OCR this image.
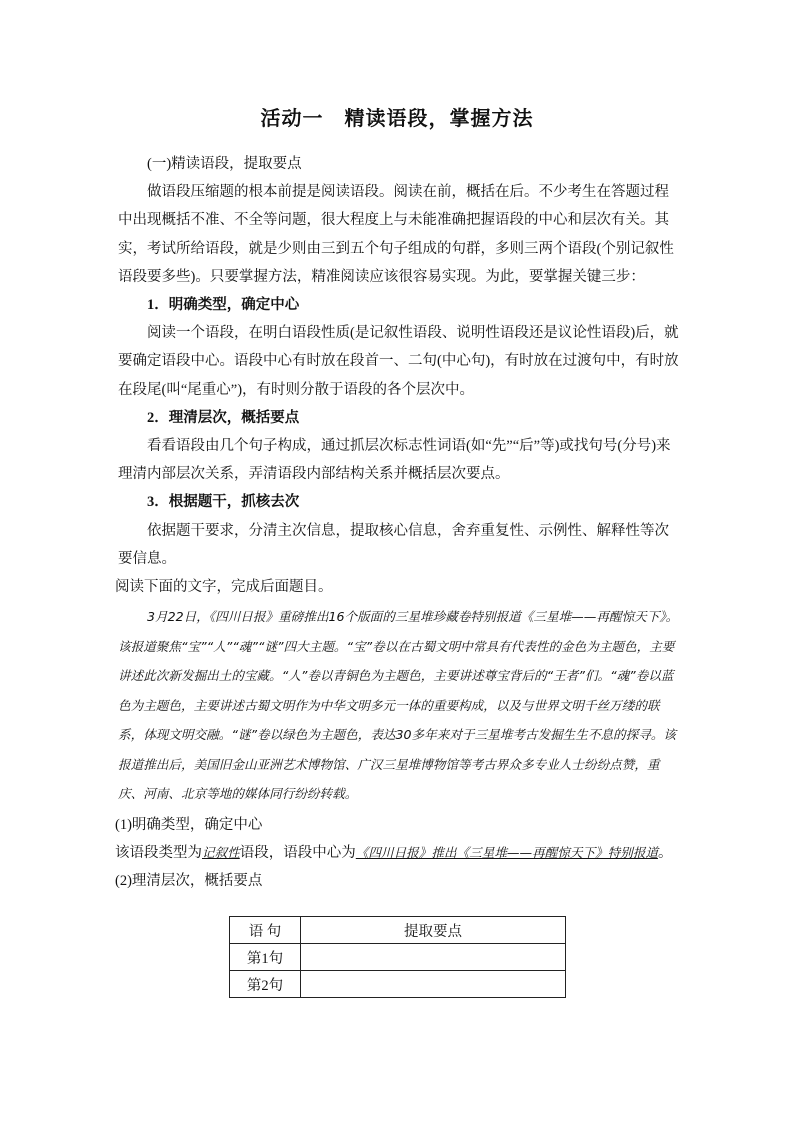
活动一　精读语段，掌握方法

(一)精读语段，提取要点

做语段压缩题的根本前提是阅读语段。阅读在前，概括在后。不少考生在答题过程中出现概括不准、不全等问题，很大程度上与未能准确把握语段的中心和层次有关。其实，考试所给语段，就是少则由三到五个句子组成的句群，多则三两个语段(个别记叙性语段要多些)。只要掌握方法，精准阅读应该很容易实现。为此，要掌握关键三步：

1．明确类型，确定中心

阅读一个语段，在明白语段性质(是记叙性语段、说明性语段还是议论性语段)后，就要确定语段中心。语段中心有时放在段首一、二句(中心句)，有时放在过渡句中，有时放在段尾(叫“尾重心”)，有时则分散于语段的各个层次中。

2．理清层次，概括要点

看看语段由几个句子构成，通过抓层次标志性词语(如“先”“后”等)或找句号(分号)来理清内部层次关系，弄清语段内部结构关系并概括层次要点。

3．根据题干，抓核去次

依据题干要求，分清主次信息，提取核心信息，舍弃重复性、示例性、解释性等次要信息。

阅读下面的文字，完成后面题目。

3月22日，《四川日报》重磅推出16个版面的三星堆珍藏卷特别报道《三星堆——再醒惊天下》。该报道聚焦“宝”“人”“魂”“谜”四大主题。“宝”卷以在古蜀文明中常具有代表性的金色为主题色，主要讲述此次新发掘出土的宝藏。“人”卷以青铜色为主题色，主要讲述尊宝背后的“王者”们。“魂”卷以蓝色为主题色，主要讲述古蜀文明作为中华文明多元一体的重要构成，以及与世界文明千丝万缕的联系，体现文明交融。“谜”卷以绿色为主题色，表达30多年来对于三星堆考古发掘生生不息的探寻。该报道推出后，美国旧金山亚洲艺术博物馆、广汉三星堆博物馆等考古界众多专业人士纷纷点赞，重庆、河南、北京等地的媒体同行纷纷转载。

(1)明确类型，确定中心

该语段类型为记叙性语段，语段中心为《四川日报》推出《三星堆——再醒惊天下》特别报道。

(2)理清层次，概括要点

语 句	提取要点
第1句	
第2句	
